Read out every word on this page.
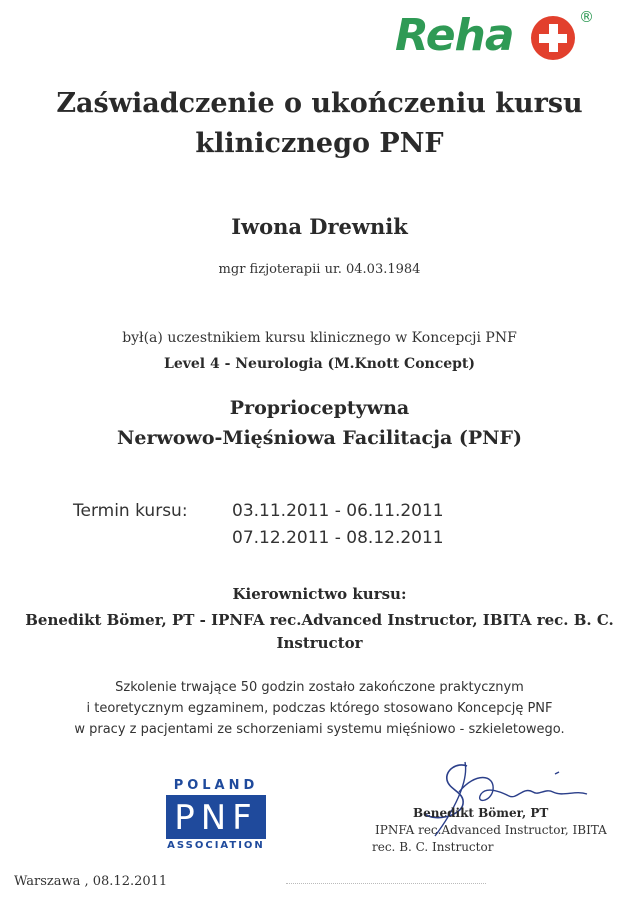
Reha	®
Zaświadczenie o ukończeniu kursu
klinicznego PNF
Iwona Drewnik
mgr fizjoterapii ur. 04.03.1984
był(a) uczestnikiem kursu klinicznego w Koncepcji PNF
Level 4 - Neurologia (M.Knott Concept)
Proprioceptywna
Nerwowo-Mięśniowa Facilitacja (PNF)
Termin kursu:	03.11.2011 - 06.11.2011
07.12.2011 - 08.12.2011
Kierownictwo kursu:
Benedikt Bömer, PT - IPNFA rec.Advanced Instructor, IBITA rec. B. C.
Instructor
Szkolenie trwające 50 godzin zostało zakończone praktycznym
i teoretycznym egzaminem, podczas którego stosowano Koncepcję PNF
w pracy z pacjentami ze schorzeniami systemu mięśniowo - szkieletowego.
POLAND
PNF
ASSOCIATION
Benedikt Bömer, PT
IPNFA rec.Advanced Instructor, IBITA
rec. B. C. Instructor
Warszawa , 08.12.2011
